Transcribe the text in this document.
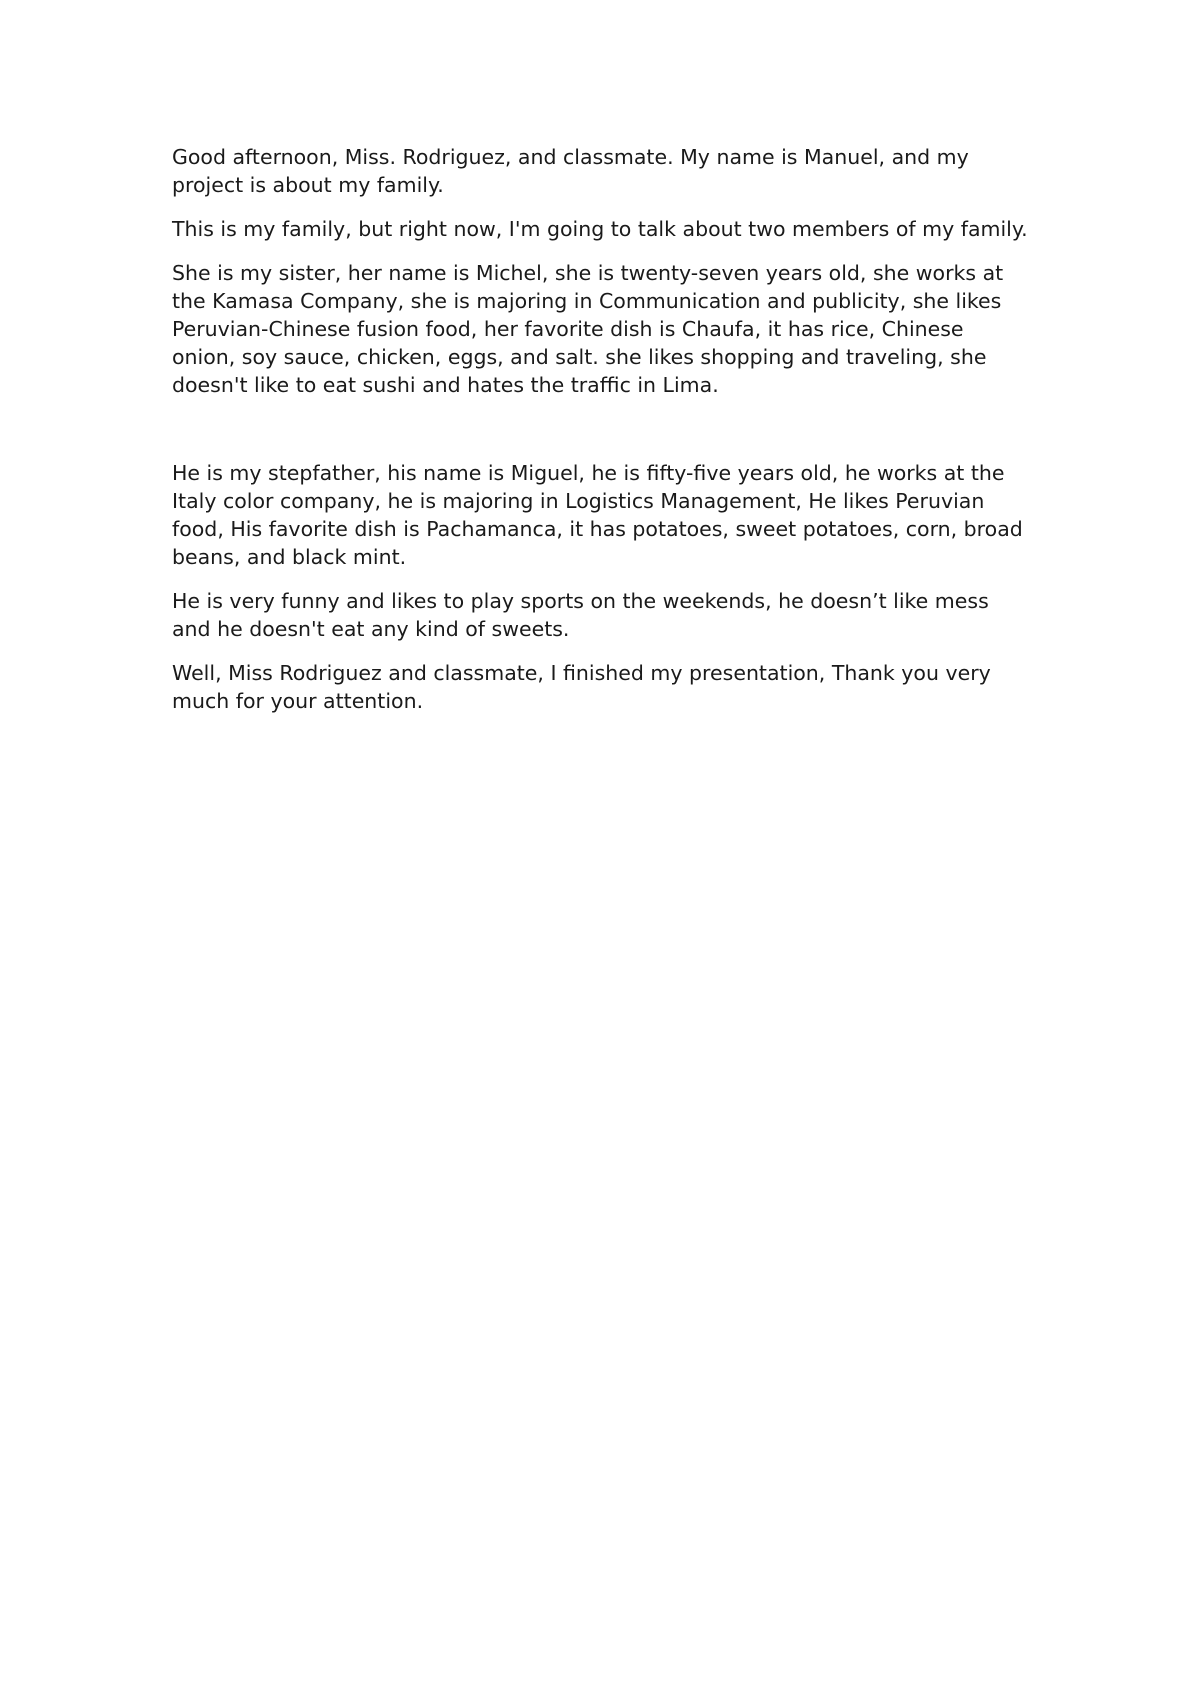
Good afternoon, Miss. Rodriguez, and classmate. My name is Manuel, and my project is about my family.

This is my family, but right now, I'm going to talk about two members of my family.

She is my sister, her name is Michel, she is twenty-seven years old, she works at the Kamasa Company, she is majoring in Communication and publicity, she likes Peruvian-Chinese fusion food, her favorite dish is Chaufa, it has rice, Chinese onion, soy sauce, chicken, eggs, and salt. she likes shopping and traveling, she doesn't like to eat sushi and hates the traffic in Lima.

He is my stepfather, his name is Miguel, he is fifty-five years old, he works at the Italy color company, he is majoring in Logistics Management, He likes Peruvian food, His favorite dish is Pachamanca, it has potatoes, sweet potatoes, corn, broad beans, and black mint.

He is very funny and likes to play sports on the weekends, he doesn’t like mess and he doesn't eat any kind of sweets.

Well, Miss Rodriguez and classmate, I finished my presentation, Thank you very much for your attention.
